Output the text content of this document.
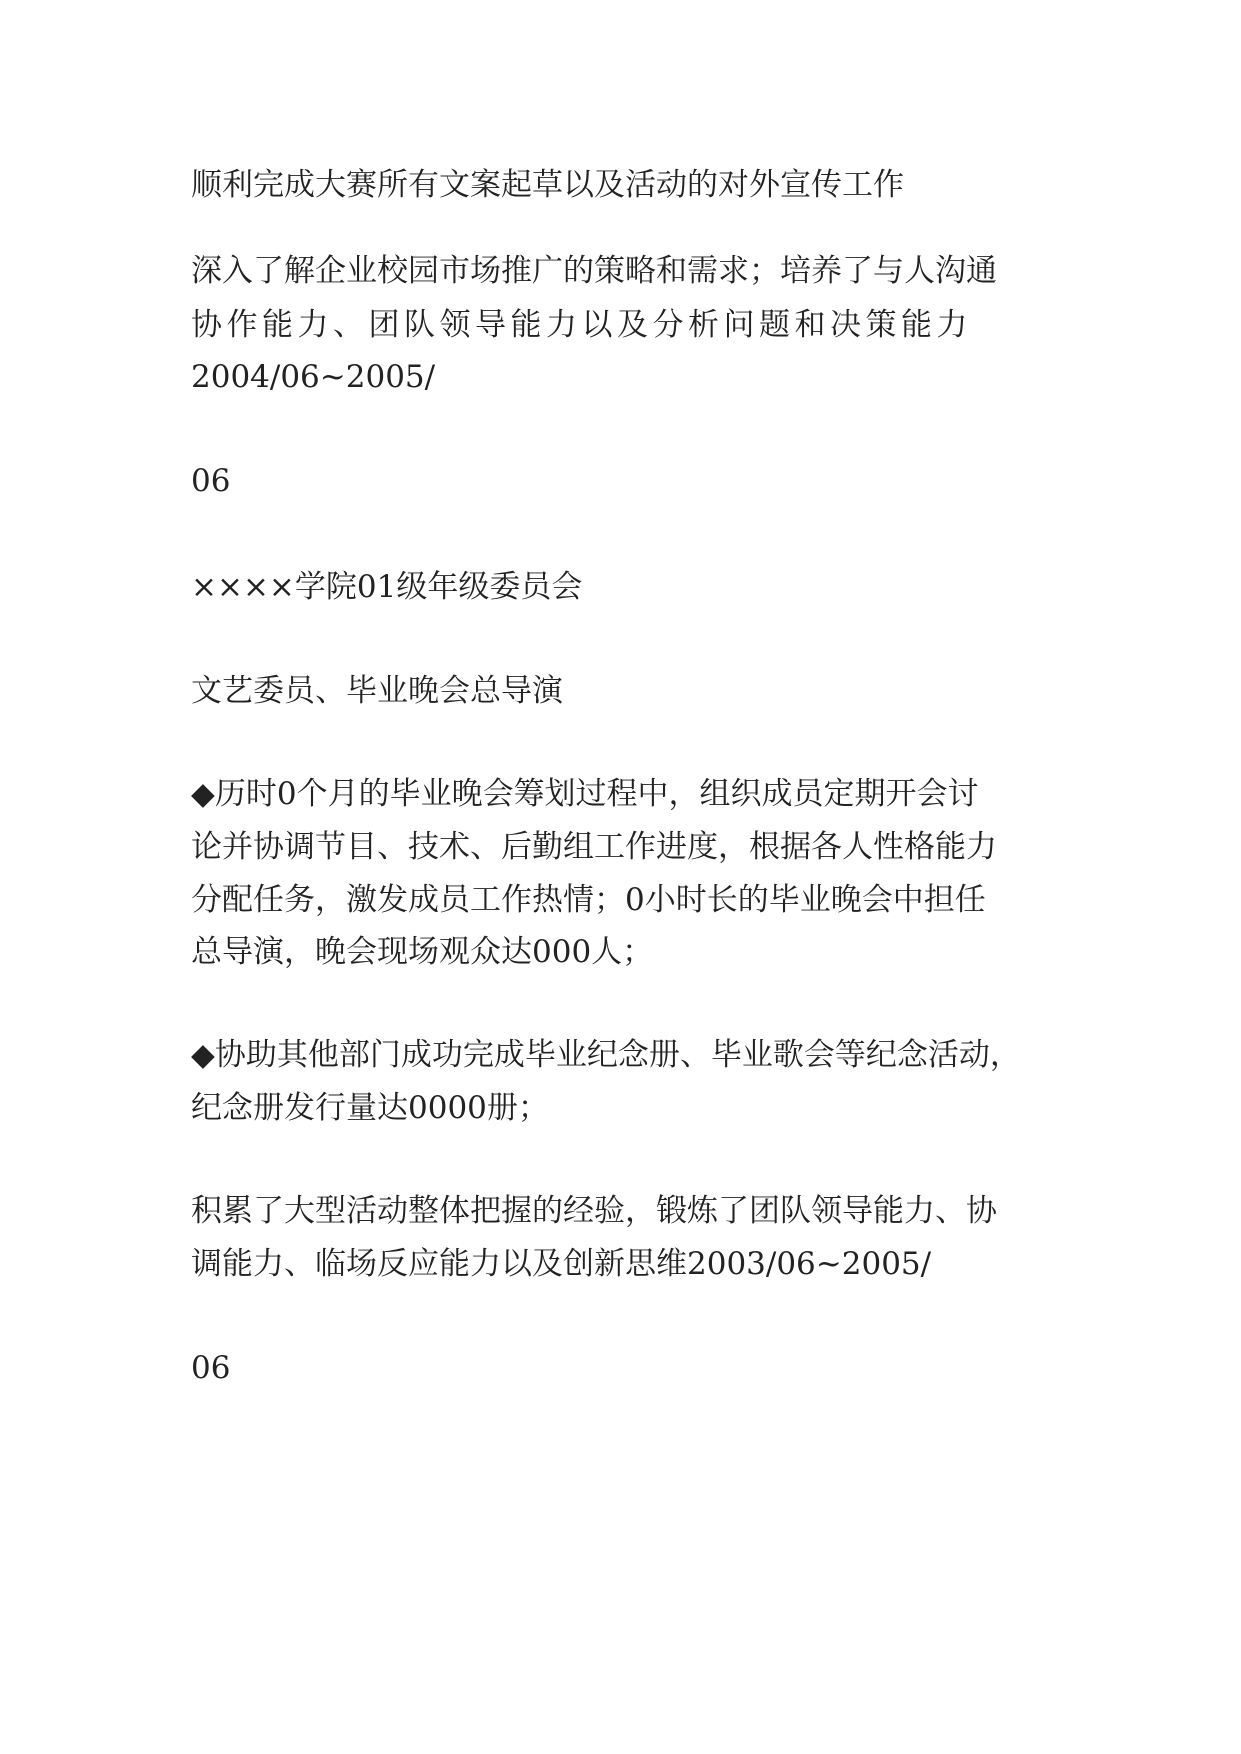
顺利完成大赛所有文案起草以及活动的对外宣传工作
深入了解企业校园市场推广的策略和需求；培养了与人沟通
协作能力、团队领导能力以及分析问题和决策能力
2004/06~2005/
06
××××学院01级年级委员会
文艺委员、毕业晚会总导演
◆历时0个月的毕业晚会筹划过程中，组织成员定期开会讨
论并协调节目、技术、后勤组工作进度，根据各人性格能力
分配任务，激发成员工作热情；0小时长的毕业晚会中担任
总导演，晚会现场观众达000人；
◆协助其他部门成功完成毕业纪念册、毕业歌会等纪念活动，
纪念册发行量达0000册；
积累了大型活动整体把握的经验，锻炼了团队领导能力、协
调能力、临场反应能力以及创新思维2003/06~2005/
06
